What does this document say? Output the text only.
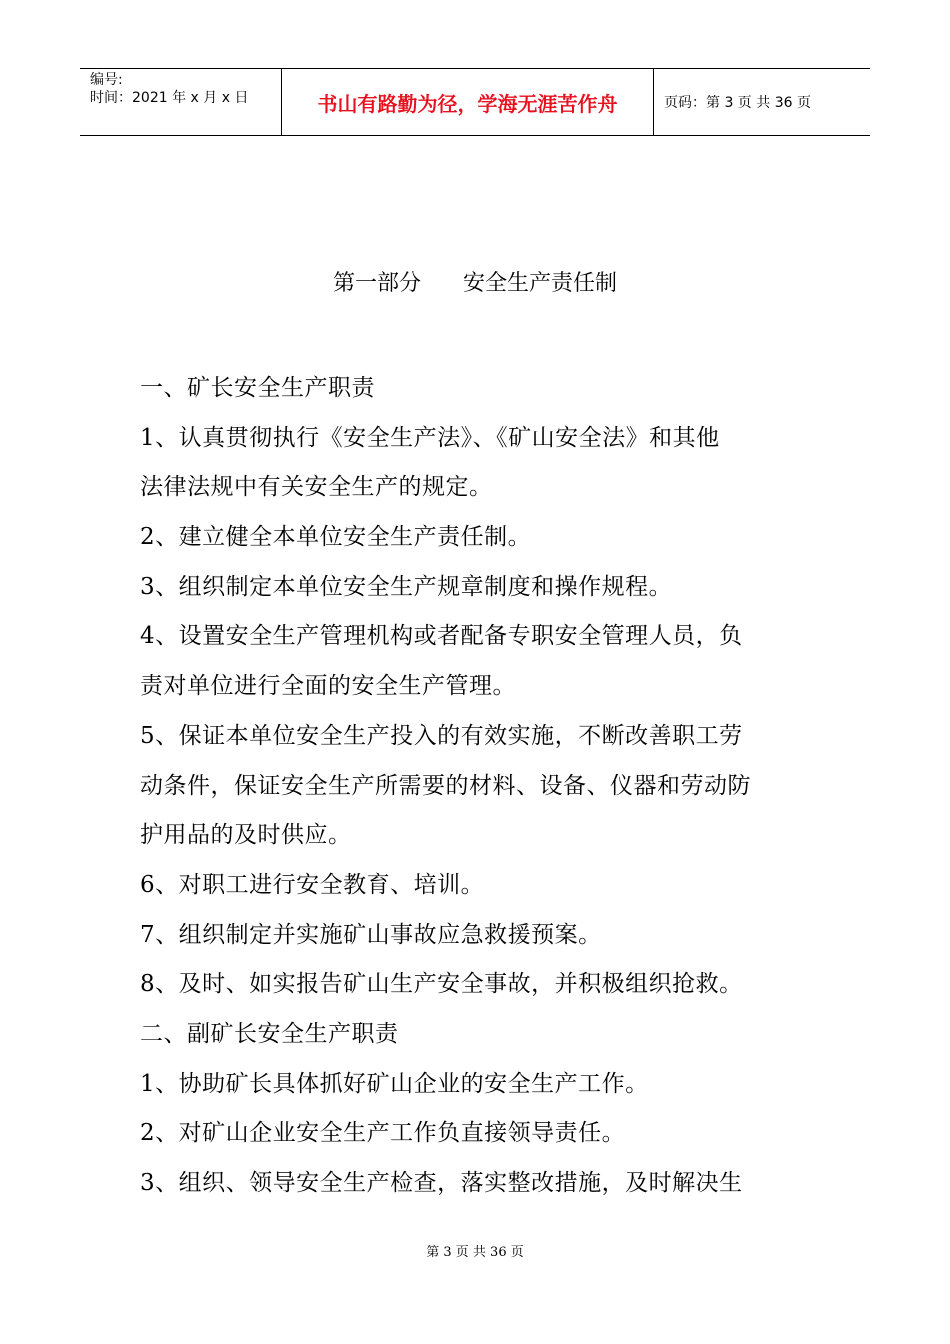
编号:
时间：2021 年 x 月 x 日	书山有路勤为径，学海无涯苦作舟	页码：第 3 页 共 36 页
第一部分      安全生产责任制
一、矿长安全生产职责
1、认真贯彻执行《安全生产法》、《矿山安全法》和其他
法律法规中有关安全生产的规定。
2、建立健全本单位安全生产责任制。
3、组织制定本单位安全生产规章制度和操作规程。
4、设置安全生产管理机构或者配备专职安全管理人员，负
责对单位进行全面的安全生产管理。
5、保证本单位安全生产投入的有效实施，不断改善职工劳
动条件，保证安全生产所需要的材料、设备、仪器和劳动防
护用品的及时供应。
6、对职工进行安全教育、培训。
7、组织制定并实施矿山事故应急救援预案。
8、及时、如实报告矿山生产安全事故，并积极组织抢救。
二、副矿长安全生产职责
1、协助矿长具体抓好矿山企业的安全生产工作。
2、对矿山企业安全生产工作负直接领导责任。
3、组织、领导安全生产检查，落实整改措施，及时解决生
第 3 页 共 36 页
